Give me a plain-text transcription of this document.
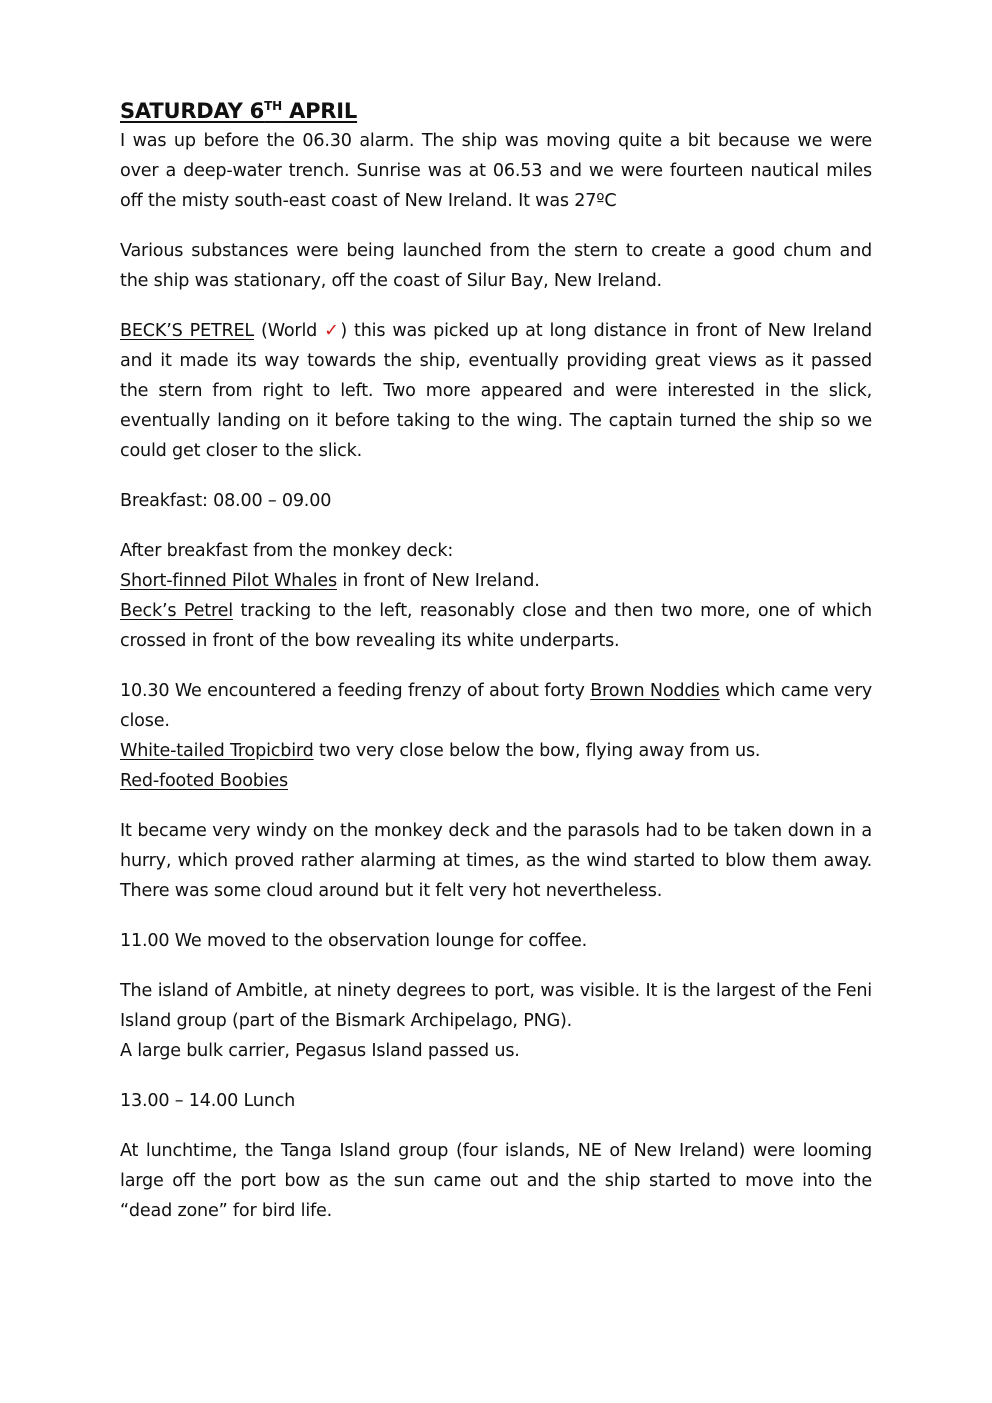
SATURDAY 6TH APRIL

I was up before the 06.30 alarm. The ship was moving quite a bit because we were over a deep-water trench. Sunrise was at 06.53 and we were fourteen nautical miles off the misty south-east coast of New Ireland. It was 27ºC

Various substances were being launched from the stern to create a good chum and the ship was stationary, off the coast of Silur Bay, New Ireland.

BECK’S PETREL (World ✓) this was picked up at long distance in front of New Ireland and it made its way towards the ship, eventually providing great views as it passed the stern from right to left. Two more appeared and were interested in the slick, eventually landing on it before taking to the wing. The captain turned the ship so we could get closer to the slick.

Breakfast: 08.00 – 09.00

After breakfast from the monkey deck:
Short-finned Pilot Whales in front of New Ireland.
Beck’s Petrel tracking to the left, reasonably close and then two more, one of which crossed in front of the bow revealing its white underparts.

10.30 We encountered a feeding frenzy of about forty Brown Noddies which came very close.
White-tailed Tropicbird two very close below the bow, flying away from us.
Red-footed Boobies

It became very windy on the monkey deck and the parasols had to be taken down in a hurry, which proved rather alarming at times, as the wind started to blow them away. There was some cloud around but it felt very hot nevertheless.

11.00 We moved to the observation lounge for coffee.

The island of Ambitle, at ninety degrees to port, was visible. It is the largest of the Feni Island group (part of the Bismark Archipelago, PNG).
A large bulk carrier, Pegasus Island passed us.

13.00 – 14.00 Lunch

At lunchtime, the Tanga Island group (four islands, NE of New Ireland) were looming large off the port bow as the sun came out and the ship started to move into the “dead zone” for bird life.
